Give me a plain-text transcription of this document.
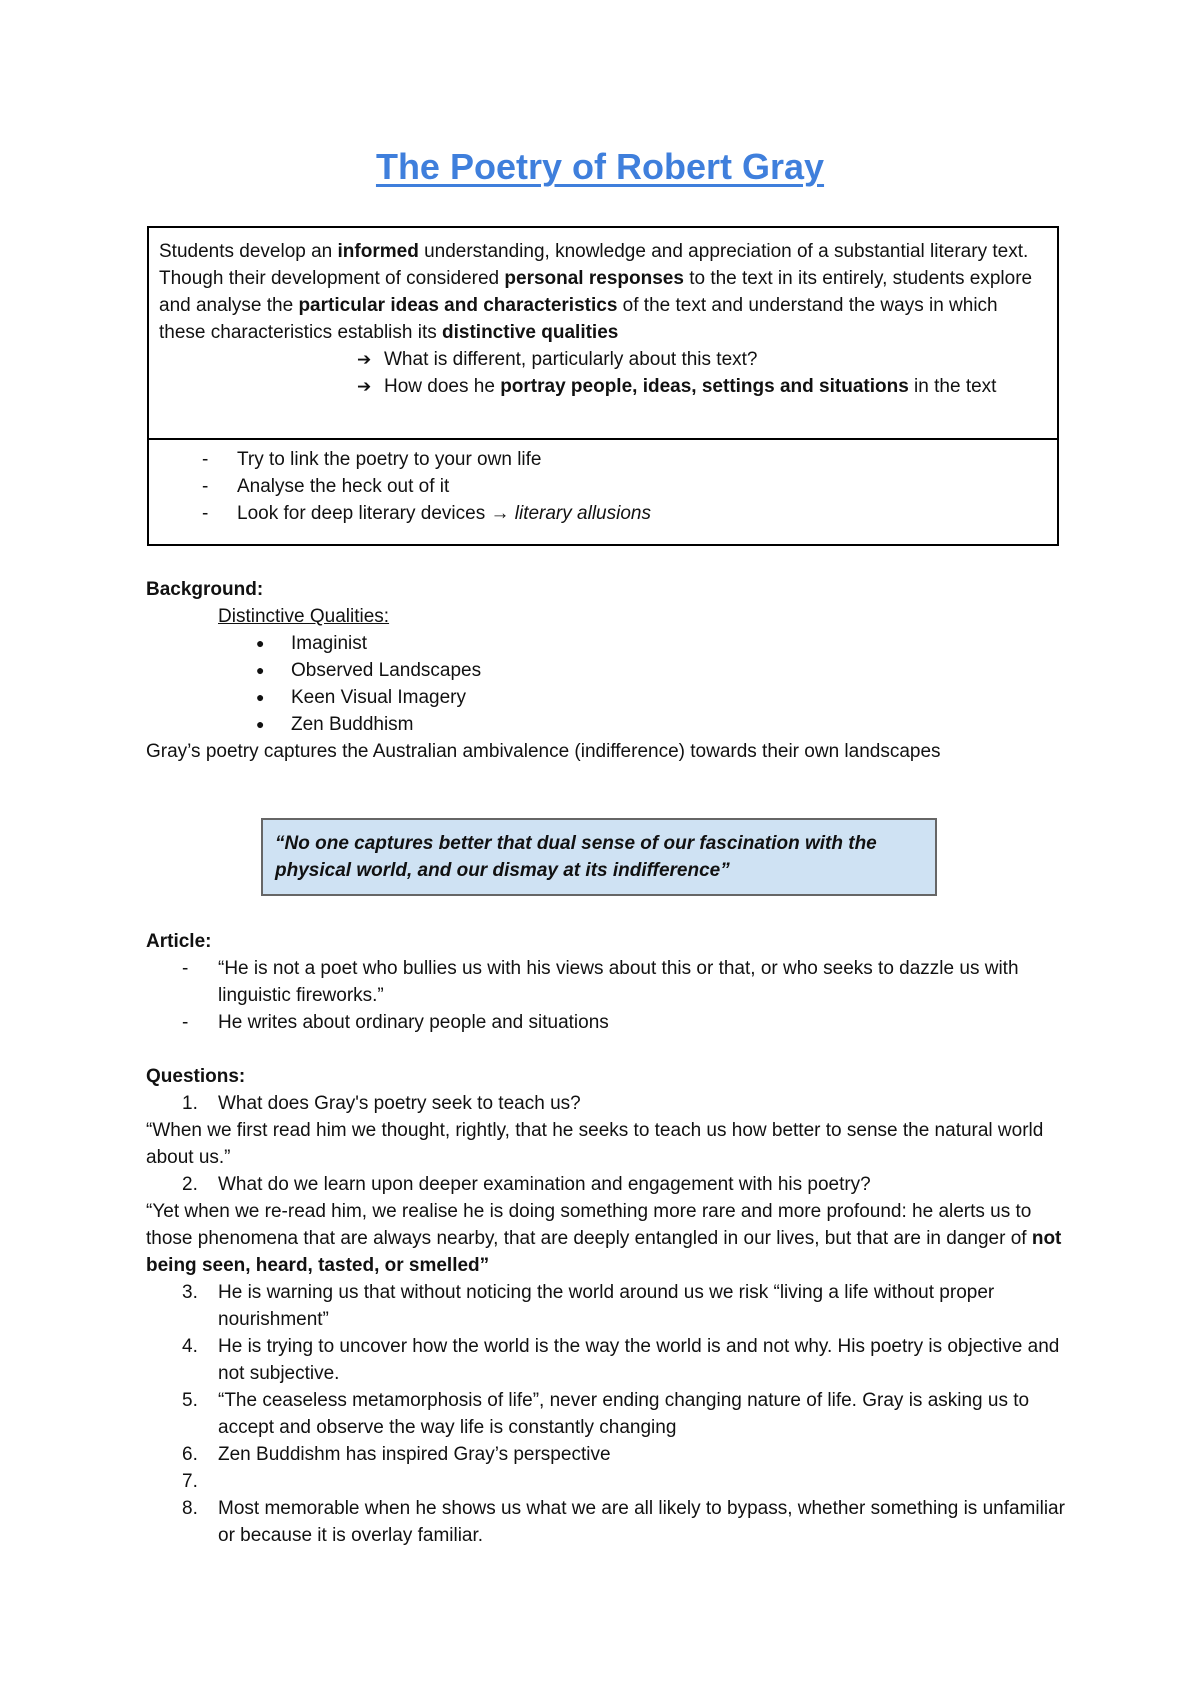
The Poetry of Robert Gray
Students develop an informed understanding, knowledge and appreciation of a substantial literary text. Though their development of considered personal responses to the text in its entirely, students explore and analyse the particular ideas and characteristics of the text and understand the ways in which these characteristics establish its distinctive qualities
➔ What is different, particularly about this text?
➔ How does he portray people, ideas, settings and situations in the text
- Try to link the poetry to your own life
- Analyse the heck out of it
- Look for deep literary devices → literary allusions
Background:
Distinctive Qualities:
● Imaginist
● Observed Landscapes
● Keen Visual Imagery
● Zen Buddhism
Gray’s poetry captures the Australian ambivalence (indifference) towards their own landscapes
“No one captures better that dual sense of our fascination with the physical world, and our dismay at its indifference”
Article:
- “He is not a poet who bullies us with his views about this or that, or who seeks to dazzle us with linguistic fireworks.”
- He writes about ordinary people and situations
Questions:
1.	What does Gray's poetry seek to teach us?
“When we first read him we thought, rightly, that he seeks to teach us how better to sense the natural world about us.”
2.	What do we learn upon deeper examination and engagement with his poetry?
“Yet when we re-read him, we realise he is doing something more rare and more profound: he alerts us to those phenomena that are always nearby, that are deeply entangled in our lives, but that are in danger of not being seen, heard, tasted, or smelled”
3.	He is warning us that without noticing the world around us we risk “living a life without proper nourishment”
4.	He is trying to uncover how the world is the way the world is and not why. His poetry is objective and not subjective.
5.	“The ceaseless metamorphosis of life”, never ending changing nature of life. Gray is asking us to accept and observe the way life is constantly changing
6.	Zen Buddishm has inspired Gray’s perspective
7.

8.	Most memorable when he shows us what we are all likely to bypass, whether something is unfamiliar or because it is overlay familiar.
